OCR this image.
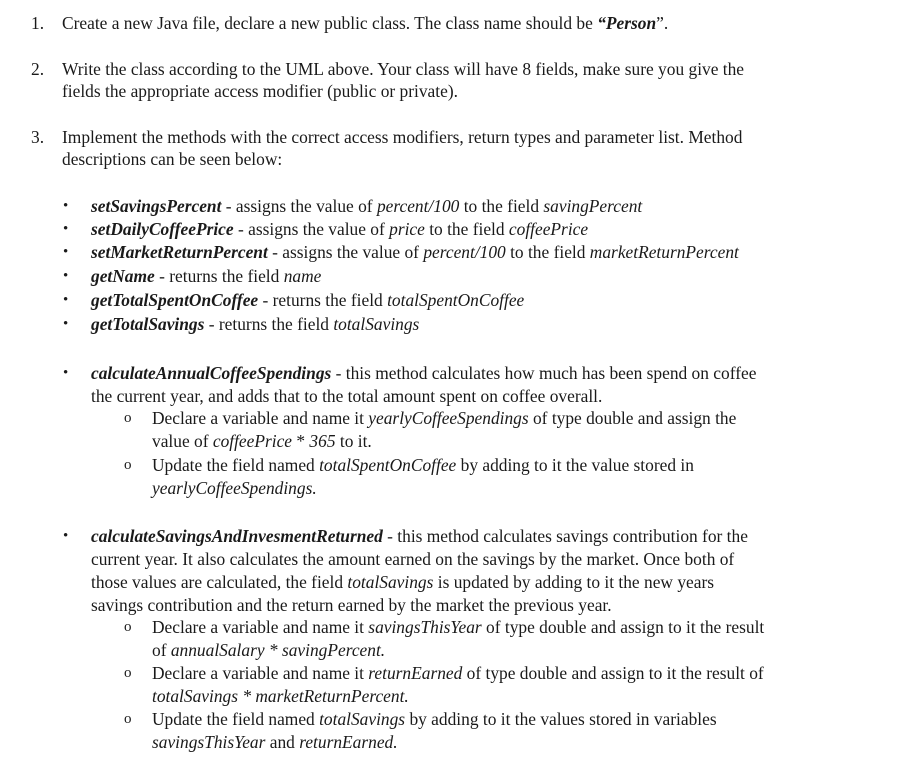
1. Create a new Java file, declare a new public class. The class name should be “Person”.
2. Write the class according to the UML above. Your class will have 8 fields, make sure you give the
fields the appropriate access modifier (public or private).
3. Implement the methods with the correct access modifiers, return types and parameter list. Method
descriptions can be seen below:
• setSavingsPercent - assigns the value of percent/100 to the field savingPercent
• setDailyCoffeePrice - assigns the value of price to the field coffeePrice
• setMarketReturnPercent - assigns the value of percent/100 to the field marketReturnPercent
• getName - returns the field name
• getTotalSpentOnCoffee - returns the field totalSpentOnCoffee
• getTotalSavings - returns the field totalSavings
• calculateAnnualCoffeeSpendings - this method calculates how much has been spend on coffee
the current year, and adds that to the total amount spent on coffee overall.
o Declare a variable and name it yearlyCoffeeSpendings of type double and assign the
value of coffeePrice * 365 to it.
o Update the field named totalSpentOnCoffee by adding to it the value stored in
yearlyCoffeeSpendings.
• calculateSavingsAndInvesmentReturned - this method calculates savings contribution for the
current year. It also calculates the amount earned on the savings by the market. Once both of
those values are calculated, the field totalSavings is updated by adding to it the new years
savings contribution and the return earned by the market the previous year.
o Declare a variable and name it savingsThisYear of type double and assign to it the result
of annualSalary * savingPercent.
o Declare a variable and name it returnEarned of type double and assign to it the result of
totalSavings * marketReturnPercent.
o Update the field named totalSavings by adding to it the values stored in variables
savingsThisYear and returnEarned.
